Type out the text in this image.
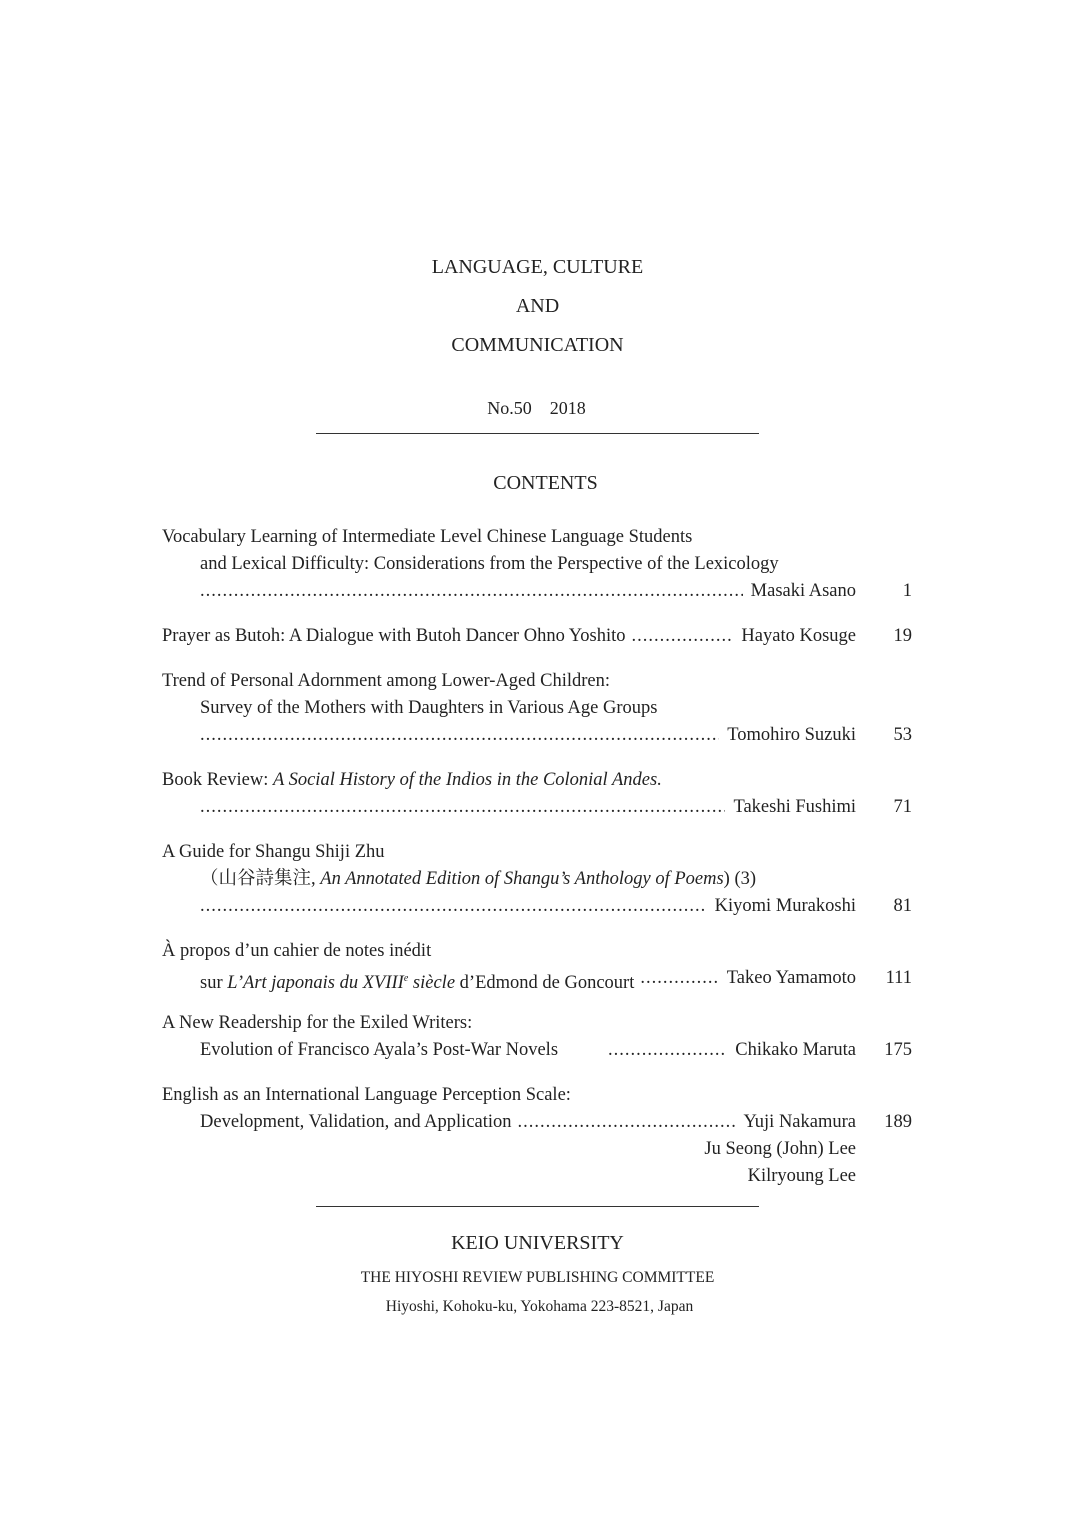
LANGUAGE, CULTURE
AND
COMMUNICATION
No.50　2018
CONTENTS
Vocabulary Learning of Intermediate Level Chinese Language Students
and Lexical Difficulty: Considerations from the Perspective of the Lexicology
.....
Masaki Asano	1
Prayer as Butoh: A Dialogue with Butoh Dancer Ohno Yoshito .....	Hayato Kosuge	19
Trend of Personal Adornment among Lower-Aged Children:
Survey of the Mothers with Daughters in Various Age Groups
.....
Tomohiro Suzuki	53
Book Review: A Social History of the Indios in the Colonial Andes.
.....
Takeshi Fushimi	71
A Guide for Shangu Shiji Zhu
（山谷詩集注, An Annotated Edition of Shangu’s Anthology of Poems) (3)
.....
Kiyomi Murakoshi	81
À propos d’un cahier de notes inédit
sur L’Art japonais du XVIIIe siècle d’Edmond de Goncourt .....	Takeo Yamamoto	111
A New Readership for the Exiled Writers:
Evolution of Francisco Ayala’s Post-War Novels .....	Chikako Maruta	175
English as an International Language Perception Scale:
Development, Validation, and Application .....	Yuji Nakamura	189
Ju Seong (John) Lee
Kilryoung Lee
KEIO UNIVERSITY
THE HIYOSHI REVIEW PUBLISHING COMMITTEE
Hiyoshi, Kohoku-ku, Yokohama 223-8521, Japan
